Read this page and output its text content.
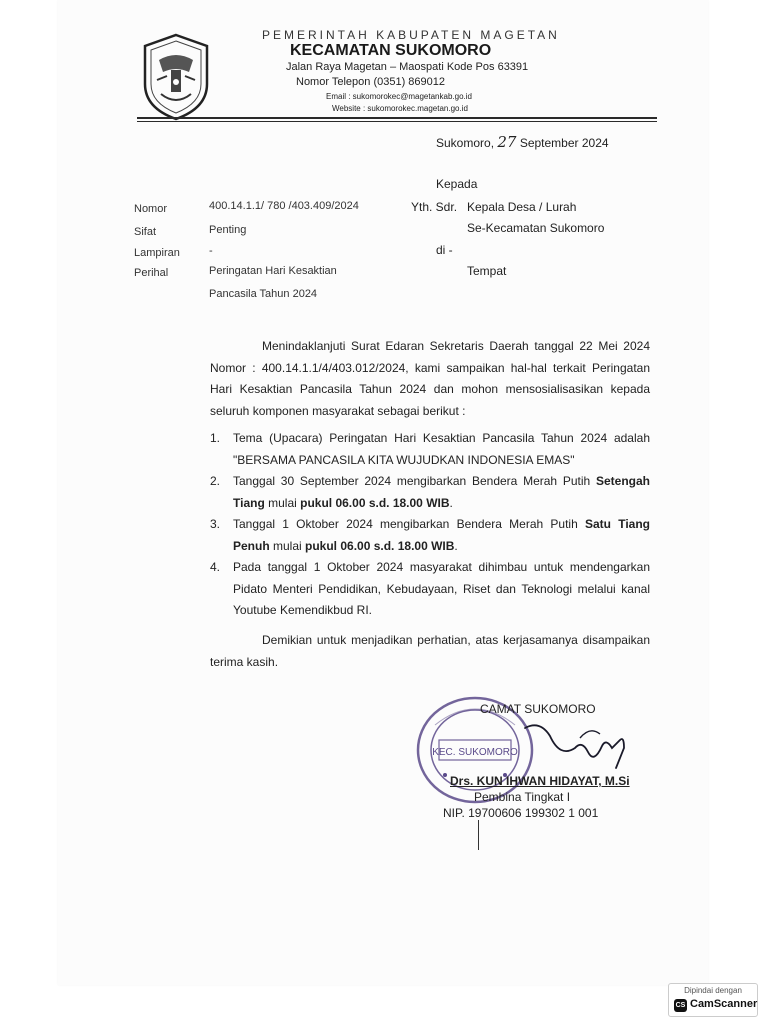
PEMERINTAH KABUPATEN MAGETAN
KECAMATAN SUKOMORO
Jalan Raya Magetan – Maospati Kode Pos 63391
Nomor Telepon (0351) 869012
Email : sukomorokec@magetankab.go.id
Website : sukomorokec.magetan.go.id
Sukomoro, 27 September 2024
Kepada
Yth. Sdr. Kepala Desa / Lurah
Se-Kecamatan Sukomoro
di -
Tempat
Nomor	400.14.1.1/ 780 /403.409/2024
Sifat	Penting
Lampiran	-
Perihal	Peringatan Hari Kesaktian
Pancasila Tahun 2024
Menindaklanjuti Surat Edaran Sekretaris Daerah tanggal 22 Mei 2024 Nomor : 400.14.1.1/4/403.012/2024, kami sampaikan hal-hal terkait Peringatan Hari Kesaktian Pancasila Tahun 2024 dan mohon mensosialisasikan kepada seluruh komponen masyarakat sebagai berikut :
1. Tema (Upacara) Peringatan Hari Kesaktian Pancasila Tahun 2024 adalah "BERSAMA PANCASILA KITA WUJUDKAN INDONESIA EMAS"
2. Tanggal 30 September 2024 mengibarkan Bendera Merah Putih Setengah Tiang mulai pukul 06.00 s.d. 18.00 WIB.
3. Tanggal 1 Oktober 2024 mengibarkan Bendera Merah Putih Satu Tiang Penuh mulai pukul 06.00 s.d. 18.00 WIB.
4. Pada tanggal 1 Oktober 2024 masyarakat dihimbau untuk mendengarkan Pidato Menteri Pendidikan, Kebudayaan, Riset dan Teknologi melalui kanal Youtube Kemendikbud RI.
Demikian untuk menjadikan perhatian, atas kerjasamanya disampaikan terima kasih.
KEC. SUKOMORO
CAMAT SUKOMORO
Drs. KUN IHWAN HIDAYAT, M.Si
Pembina Tingkat I
NIP. 19700606 199302 1 001
Dipindai dengan
CS CamScanner
